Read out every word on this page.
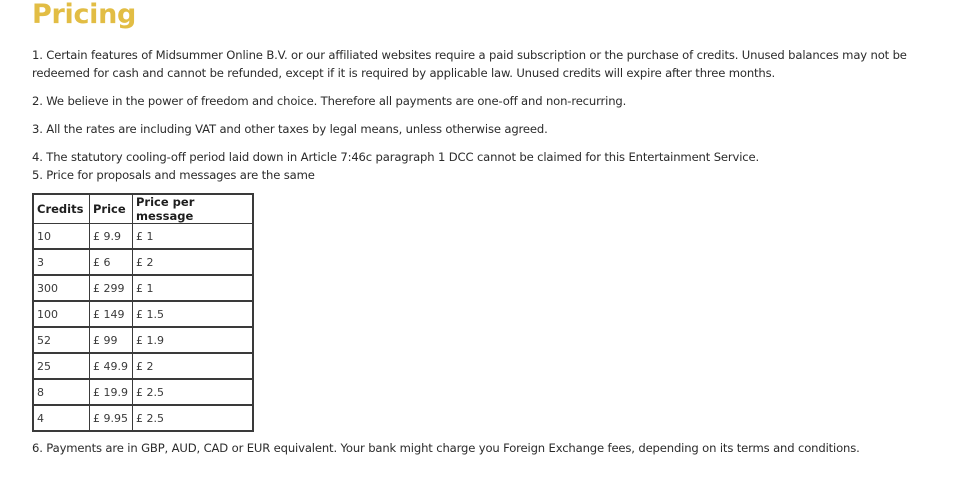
Pricing

1. Certain features of Midsummer Online B.V. or our affiliated websites require a paid subscription or the purchase of credits. Unused balances may not be redeemed for cash and cannot be refunded, except if it is required by applicable law. Unused credits will expire after three months.

2. We believe in the power of freedom and choice. Therefore all payments are one-off and non-recurring.

3. All the rates are including VAT and other taxes by legal means, unless otherwise agreed.

4. The statutory cooling-off period laid down in Article 7:46c paragraph 1 DCC cannot be claimed for this Entertainment Service.

5. Price for proposals and messages are the same

Credits	Price	Price per message
10	£ 9.9	£ 1
3	£ 6	£ 2
300	£ 299	£ 1
100	£ 149	£ 1.5
52	£ 99	£ 1.9
25	£ 49.9	£ 2
8	£ 19.9	£ 2.5
4	£ 9.95	£ 2.5

6. Payments are in GBP, AUD, CAD or EUR equivalent. Your bank might charge you Foreign Exchange fees, depending on its terms and conditions.
